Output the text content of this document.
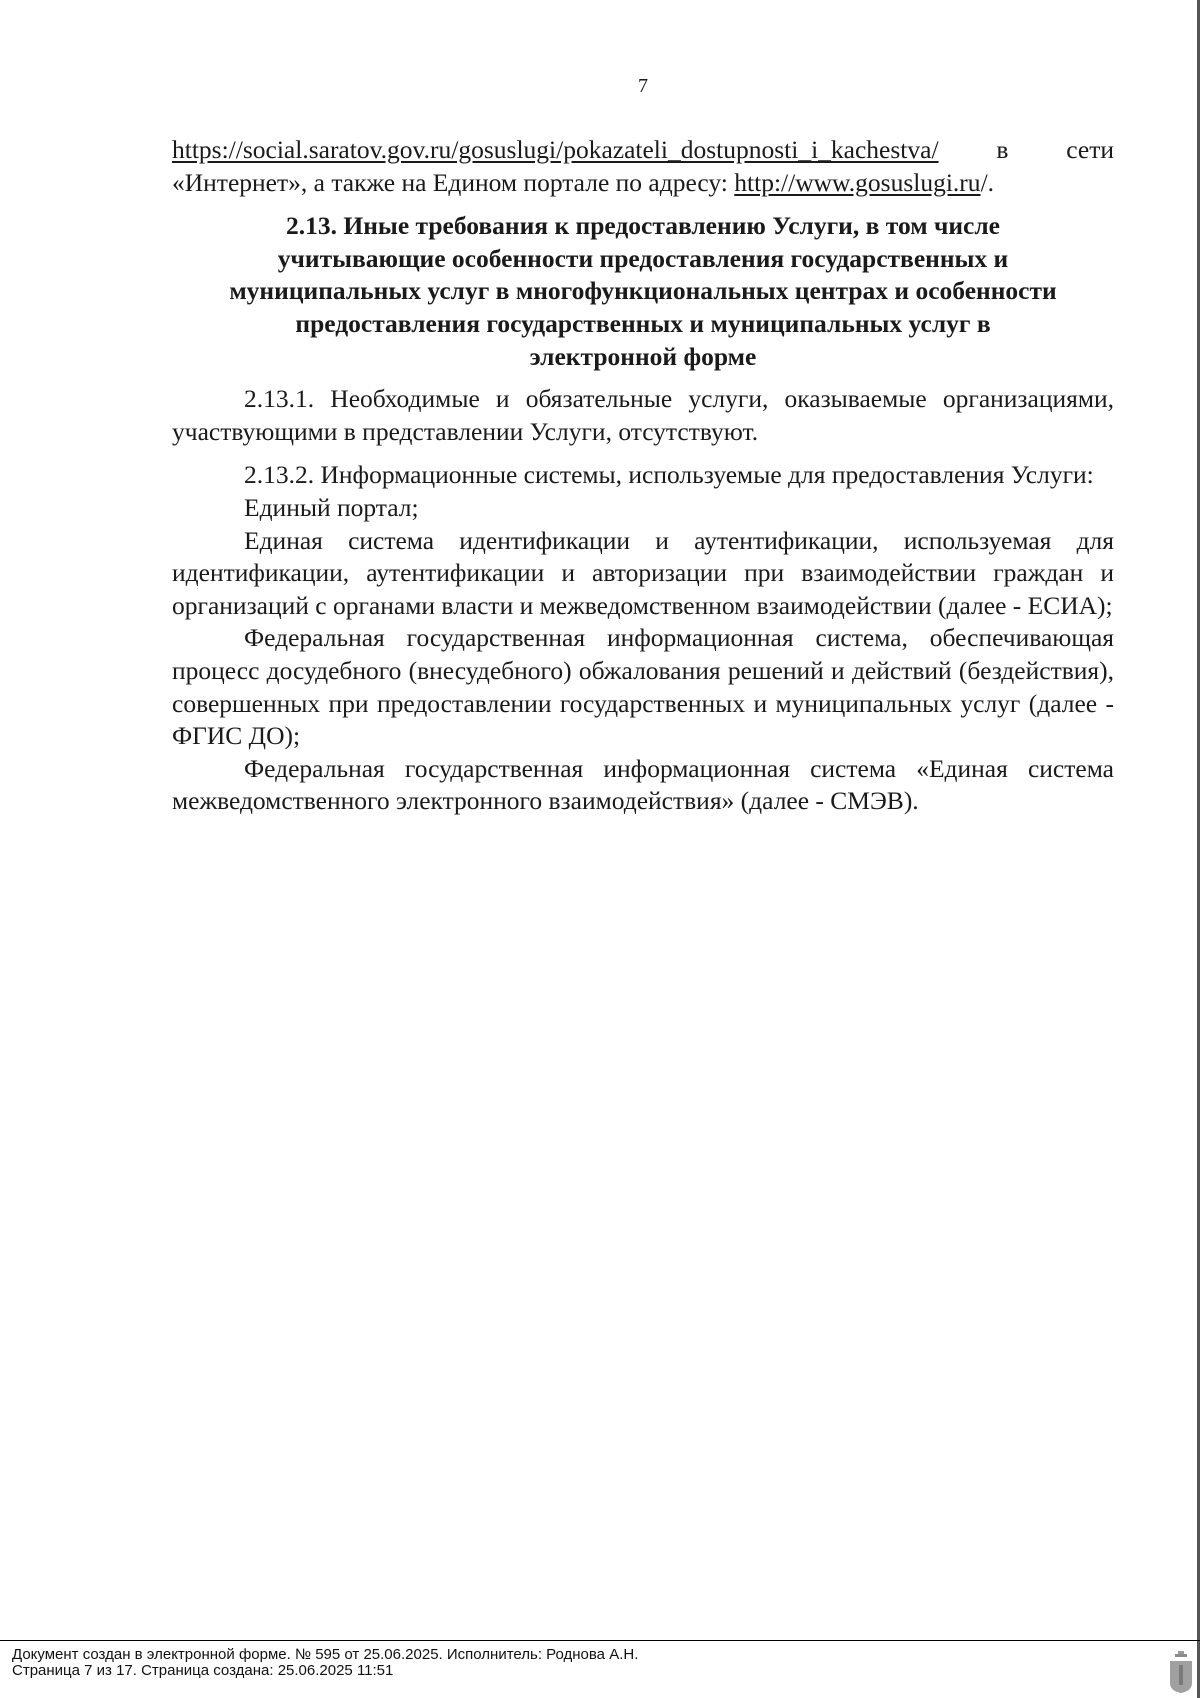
7

https://social.saratov.gov.ru/gosuslugi/pokazateli_dostupnosti_i_kachestva/ в сети «Интернет», а также на Едином портале по адресу: http://www.gosuslugi.ru/.

2.13. Иные требования к предоставлению Услуги, в том числе
учитывающие особенности предоставления государственных и
муниципальных услуг в многофункциональных центрах и особенности
предоставления государственных и муниципальных услуг в
электронной форме

2.13.1. Необходимые и обязательные услуги, оказываемые организациями, участвующими в представлении Услуги, отсутствуют.

2.13.2. Информационные системы, используемые для предоставления Услуги:

Единый портал;

Единая система идентификации и аутентификации, используемая для идентификации, аутентификации и авторизации при взаимодействии граждан и организаций с органами власти и межведомственном взаимодействии (далее - ЕСИА);

Федеральная государственная информационная система, обеспечивающая процесс досудебного (внесудебного) обжалования решений и действий (бездействия), совершенных при предоставлении государственных и муниципальных услуг (далее - ФГИС ДО);

Федеральная государственная информационная система «Единая система межведомственного электронного взаимодействия» (далее - СМЭВ).

Документ создан в электронной форме. № 595 от 25.06.2025. Исполнитель: Роднова А.Н.
Страница 7 из 17. Страница создана: 25.06.2025 11:51
